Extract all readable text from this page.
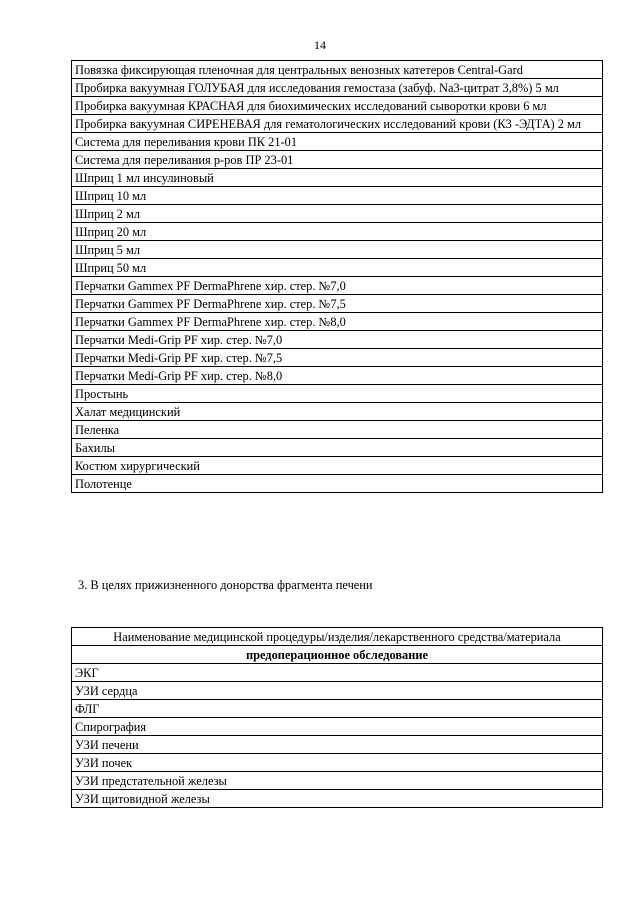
14
Повязка фиксирующая пленочная для центральных венозных катетеров Central-Gard
Пробирка вакуумная ГОЛУБАЯ для исследования гемостаза (забуф. Na3-цитрат 3,8%) 5 мл
Пробирка вакуумная КРАСНАЯ для биохимических исследований сыворотки крови 6 мл
Пробирка вакуумная СИРЕНЕВАЯ для гематологических исследований крови (К3 -ЭДТА) 2 мл
Система для переливания крови ПК 21-01
Система для переливания р-ров ПР 23-01
Шприц 1 мл инсулиновый
Шприц 10 мл
Шприц 2 мл
Шприц 20 мл
Шприц 5 мл
Шприц 50 мл
Перчатки Gammex PF DermaPhrene хир. стер. №7,0
Перчатки Gammex PF DermaPhrene хир. стер. №7,5
Перчатки Gammex PF DermaPhrene хир. стер. №8,0
Перчатки Medi-Grip PF хир. стер. №7,0
Перчатки Medi-Grip PF хир. стер. №7,5
Перчатки Medi-Grip PF хир. стер. №8,0
Простынь
Халат медицинский
Пеленка
Бахилы
Костюм хирургический
Полотенце
3. В целях прижизненного донорства фрагмента печени
Наименование медицинской процедуры/изделия/лекарственного средства/материала
предоперационное обследование
ЭКГ
УЗИ сердца
ФЛГ
Спирография
УЗИ печени
УЗИ почек
УЗИ предстательной железы
УЗИ щитовидной железы
